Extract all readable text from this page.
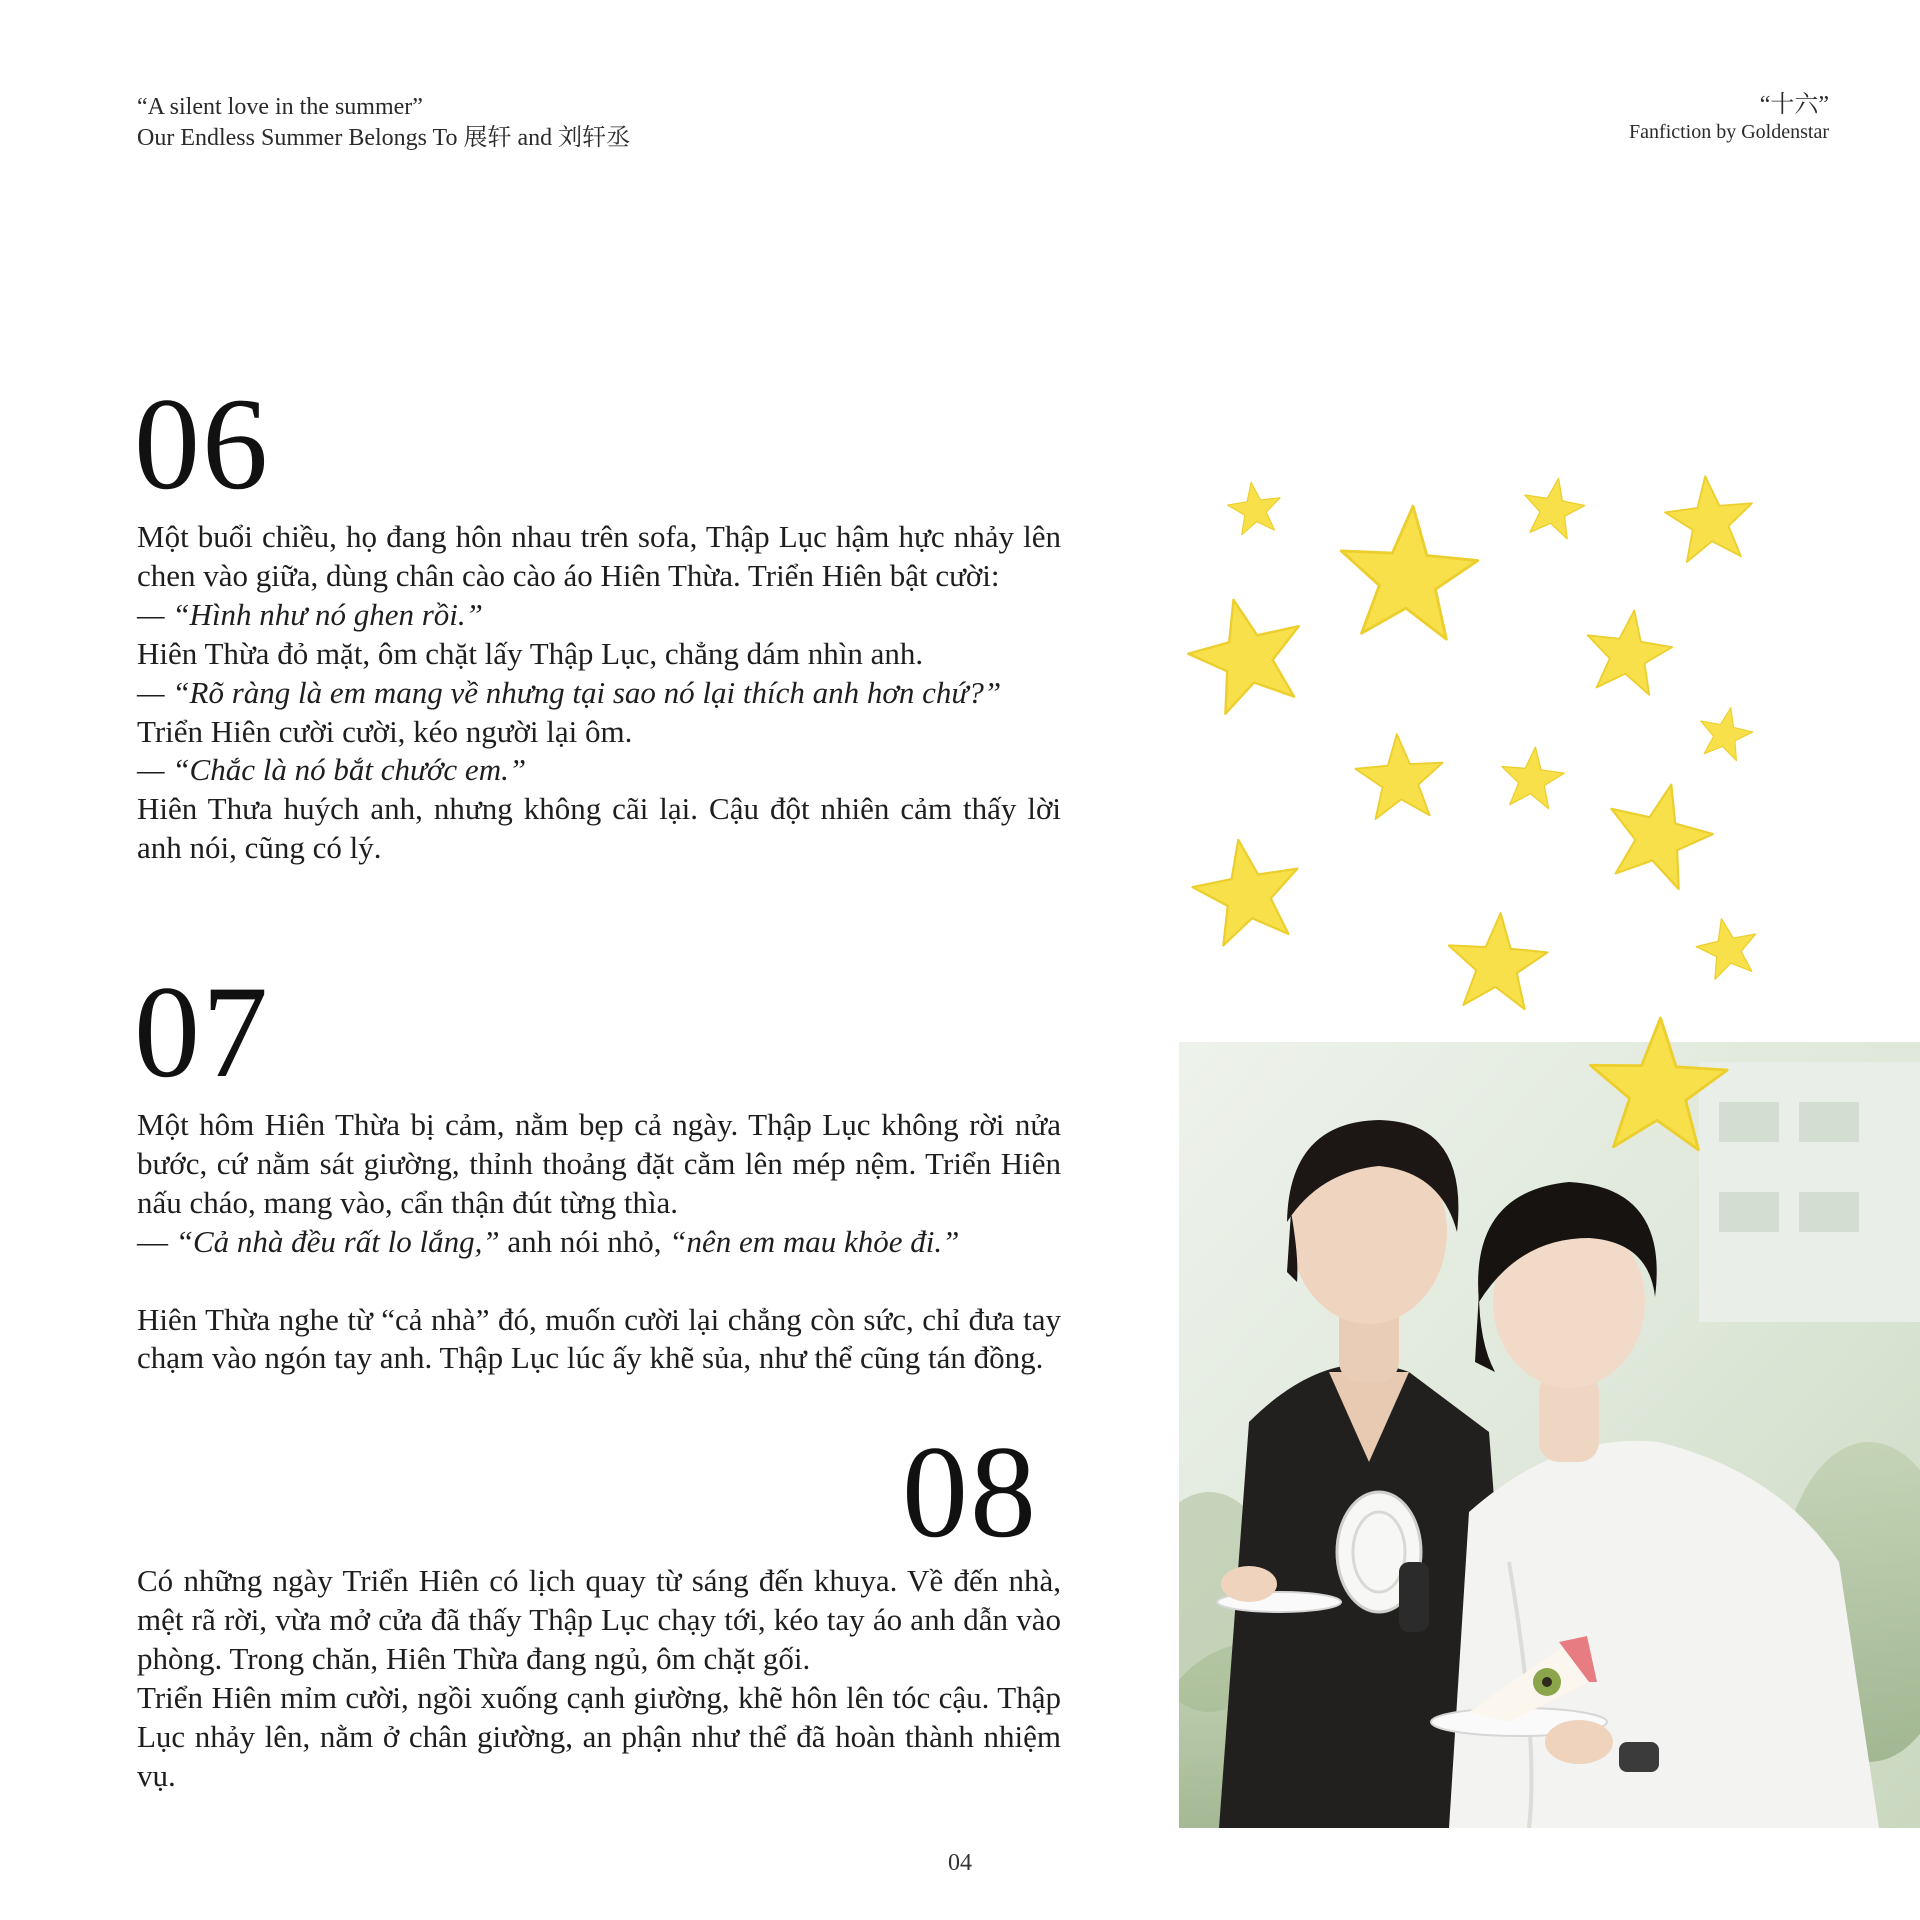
“A silent love in the summer”
Our Endless Summer Belongs To 展轩 and 刘轩丞
“十六”
Fanfiction by Goldenstar
06

Một buổi chiều, họ đang hôn nhau trên sofa, Thập Lục hậm hực nhảy lên chen vào giữa, dùng chân cào cào áo Hiên Thừa. Triển Hiên bật cười:

— “Hình như nó ghen rồi.”

Hiên Thừa đỏ mặt, ôm chặt lấy Thập Lục, chẳng dám nhìn anh.

— “Rõ ràng là em mang về nhưng tại sao nó lại thích anh hơn chứ?”

Triển Hiên cười cười, kéo người lại ôm.

— “Chắc là nó bắt chước em.”

Hiên Thưa huých anh, nhưng không cãi lại. Cậu đột nhiên cảm thấy lời anh nói, cũng có lý.

07

Một hôm Hiên Thừa bị cảm, nằm bẹp cả ngày. Thập Lục không rời nửa bước, cứ nằm sát giường, thỉnh thoảng đặt cằm lên mép nệm. Triển Hiên nấu cháo, mang vào, cẩn thận đút từng thìa.

— “Cả nhà đều rất lo lắng,” anh nói nhỏ, “nên em mau khỏe đi.”

Hiên Thừa nghe từ “cả nhà” đó, muốn cười lại chẳng còn sức, chỉ đưa tay chạm vào ngón tay anh. Thập Lục lúc ấy khẽ sủa, như thể cũng tán đồng.

08

Có những ngày Triển Hiên có lịch quay từ sáng đến khuya. Về đến nhà, mệt rã rời, vừa mở cửa đã thấy Thập Lục chạy tới, kéo tay áo anh dẫn vào phòng. Trong chăn, Hiên Thừa đang ngủ, ôm chặt gối.

Triển Hiên mỉm cười, ngồi xuống cạnh giường, khẽ hôn lên tóc cậu. Thập Lục nhảy lên, nằm ở chân giường, an phận như thể đã hoàn thành nhiệm vụ.

04
